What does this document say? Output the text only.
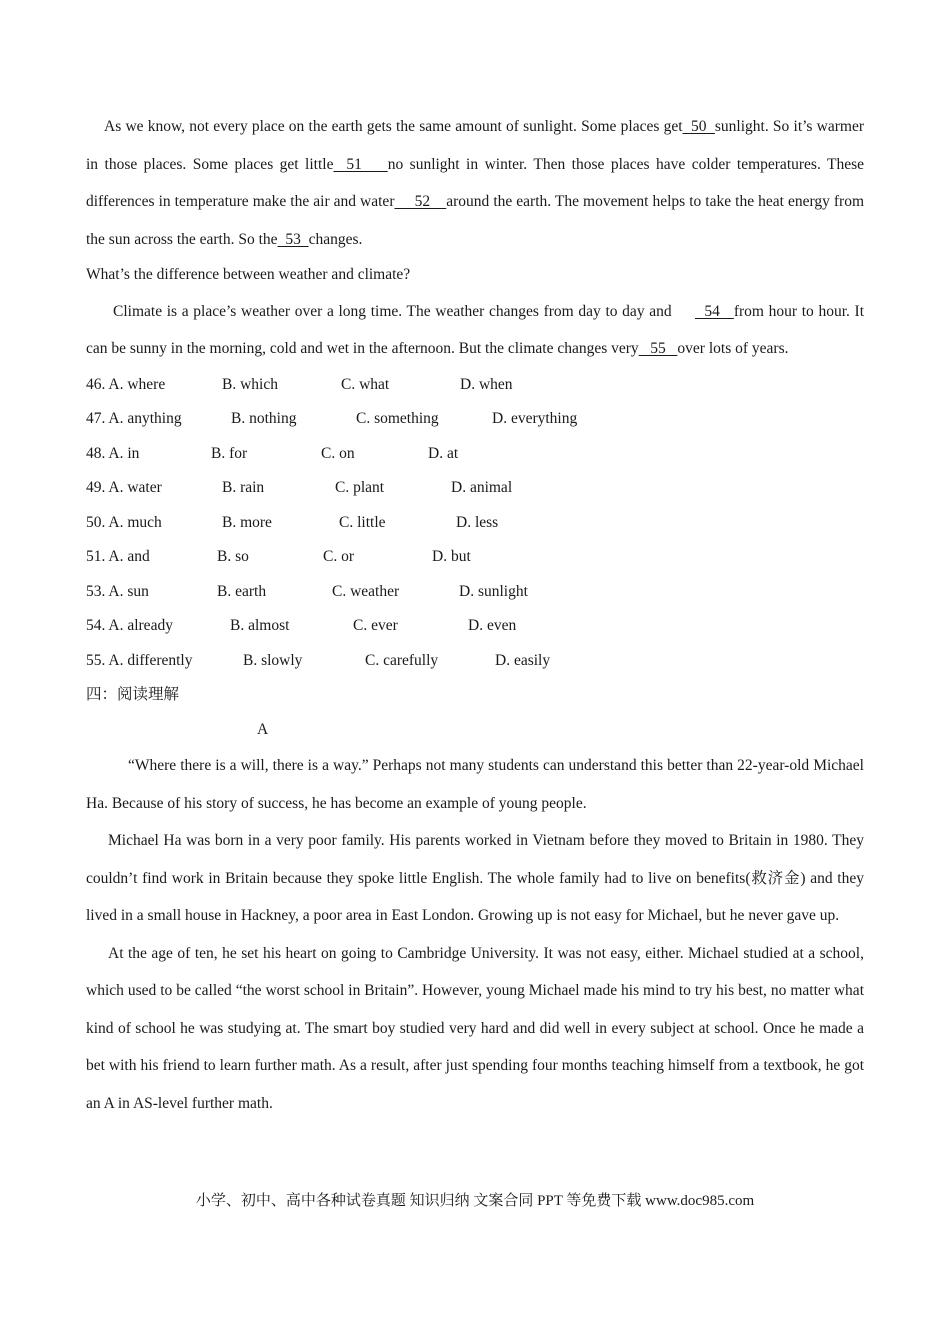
As we know, not every place on the earth gets the same amount of sunlight. Some places get  50  sunlight. So it’s warmer in those places. Some places get little  51    no sunlight in winter. Then those places have colder temperatures. These differences in temperature make the air and water     52    around the earth. The movement helps to take the heat energy from the sun across the earth. So the  53  changes.

What’s the difference between weather and climate?

Climate is a place’s weather over a long time. The weather changes from day to day and       54   from hour to hour. It can be sunny in the morning, cold and wet in the afternoon. But the climate changes very   55   over lots of years.

46. A. where	B. which	C. what	D. when
47. A. anything	B. nothing	C. something	D. everything
48. A. in	B. for	C. on	D. at
49. A. water	B. rain	C. plant	D. animal
50. A. much	B. more	C. little	D. less
51. A. and	B. so	C. or	D. but
53. A. sun	B. earth	C. weather	D. sunlight
54. A. already	B. almost	C. ever	D. even
55. A. differently	B. slowly	C. carefully	D. easily

四：阅读理解

A

“Where there is a will, there is a way.” Perhaps not many students can understand this better than 22-year-old Michael Ha. Because of his story of success, he has become an example of young people.

Michael Ha was born in a very poor family. His parents worked in Vietnam before they moved to Britain in 1980. They couldn’t find work in Britain because they spoke little English. The whole family had to live on benefits(救济金) and they lived in a small house in Hackney, a poor area in East London. Growing up is not easy for Michael, but he never gave up.

At the age of ten, he set his heart on going to Cambridge University. It was not easy, either. Michael studied at a school, which used to be called “the worst school in Britain”. However, young Michael made his mind to try his best, no matter what kind of school he was studying at. The smart boy studied very hard and did well in every subject at school. Once he made a bet with his friend to learn further math. As a result, after just spending four months teaching himself from a textbook, he got an A in AS-level further math.

小学、初中、高中各种试卷真题 知识归纳 文案合同 PPT 等免费下载 www.doc985.com
